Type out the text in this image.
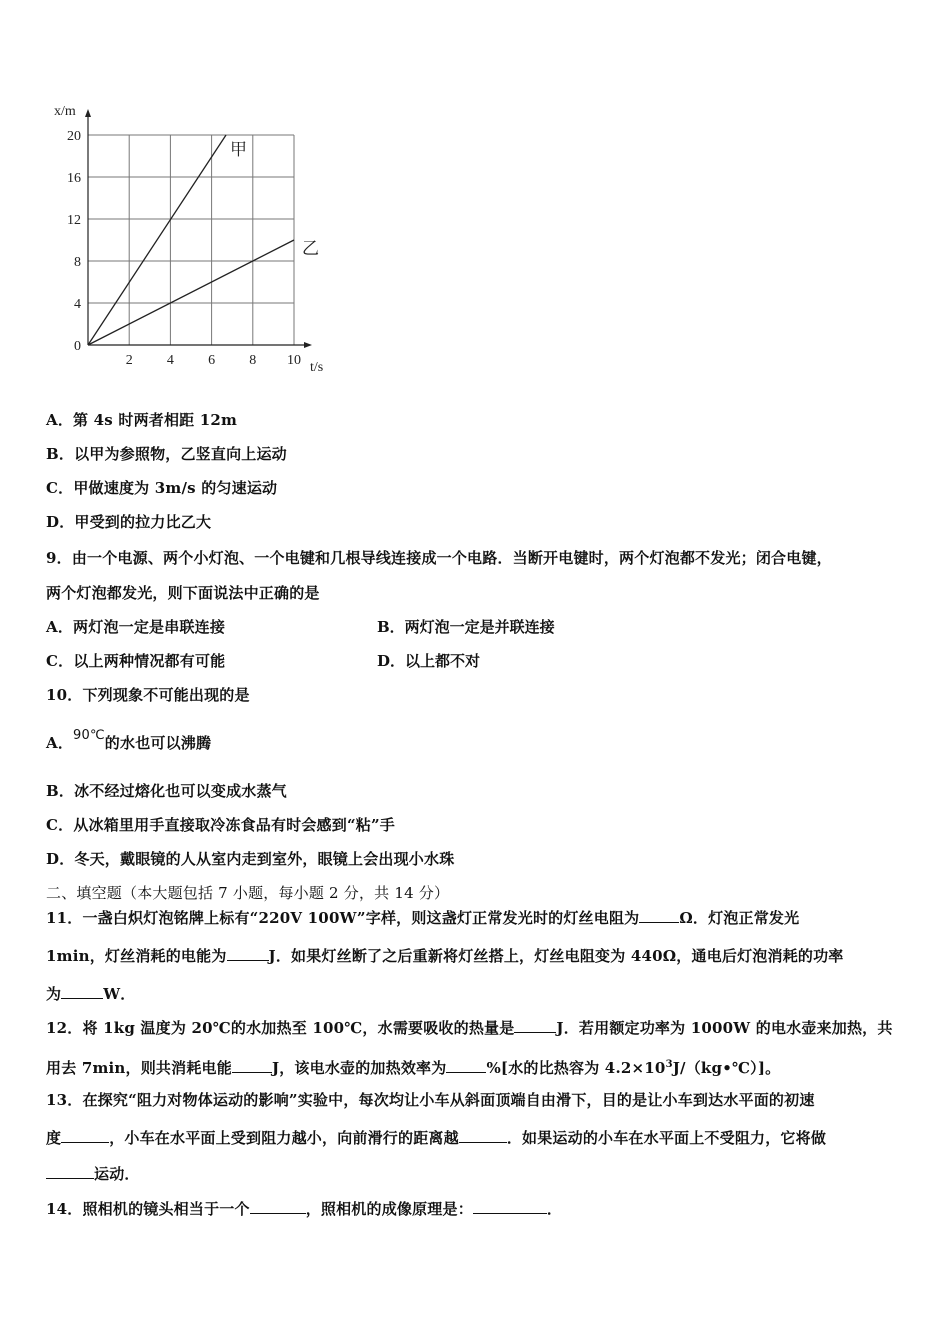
2 4 6 8 10
0
4
8
12
16
20
x/m
t/s
甲
乙
A．第 4s 时两者相距 12m
B．以甲为参照物，乙竖直向上运动
C．甲做速度为 3m/s 的匀速运动
D．甲受到的拉力比乙大
9．由一个电源、两个小灯泡、一个电键和几根导线连接成一个电路．当断开电键时，两个灯泡都不发光；闭合电键，
两个灯泡都发光，则下面说法中正确的是
A．两灯泡一定是串联连接	B．两灯泡一定是并联连接
C．以上两种情况都有可能	D．以上都不对
10．下列现象不可能出现的是
A．90℃的水也可以沸腾
B．冰不经过熔化也可以变成水蒸气
C．从冰箱里用手直接取冷冻食品有时会感到“粘”手
D．冬天，戴眼镜的人从室内走到室外，眼镜上会出现小水珠
二、填空题（本大题包括 7 小题，每小题 2 分，共 14 分）
11．一盏白炽灯泡铭牌上标有“220V 100W”字样，则这盏灯正常发光时的灯丝电阻为	Ω．灯泡正常发光
1min，灯丝消耗的电能为	J．如果灯丝断了之后重新将灯丝搭上，灯丝电阻变为 440Ω，通电后灯泡消耗的功率
为	W．
12．将 1kg 温度为 20℃的水加热至 100℃，水需要吸收的热量是	J．若用额定功率为 1000W 的电水壶来加热，共
用去 7min，则共消耗电能	J，该电水壶的加热效率为	%[水的比热容为 $4.2\times 10^3J/(kg•℃)$]。
13．在探究“阻力对物体运动的影响”实验中，每次均让小车从斜面顶端自由滑下，目的是让小车到达水平面的初速
度	，小车在水平面上受到阻力越小，向前滑行的距离越	．如果运动的小车在水平面上不受阻力，它将做
运动．
14．照相机的镜头相当于一个	，照相机的成像原理是：	．
